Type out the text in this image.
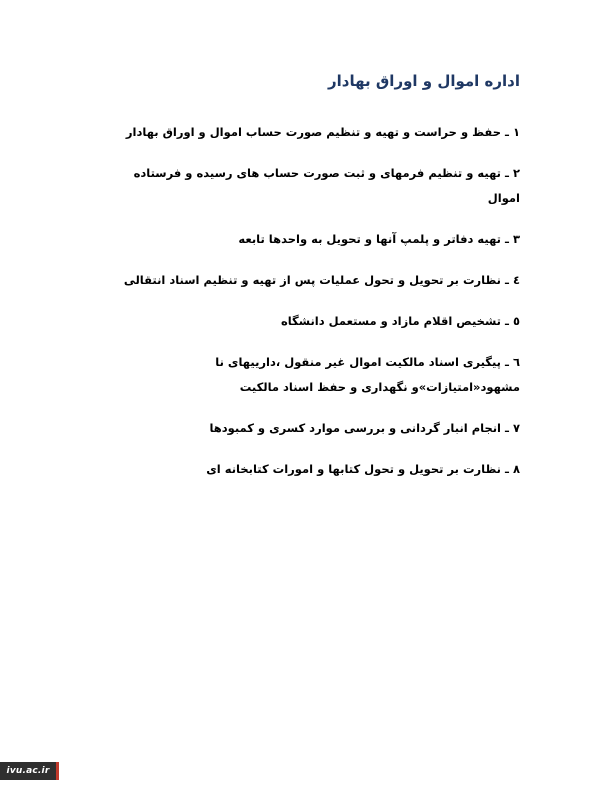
اداره اموال و اوراق بهادار
۱ ـ حفظ و حراست و تهیه و تنظیم صورت حساب اموال و اوراق بهادار
۲ ـ تهیه و تنظیم فرمهای و ثبت صورت حساب های رسیده و فرستاده اموال
۳ ـ تهیه دفاتر و پلمپ آنها و تحویل به واحدها تابعه
٤ ـ نظارت بر تحویل و تحول عملیات پس از تهیه و تنظیم اسناد انتقالی
٥ ـ تشخیص اقلام مازاد و مستعمل دانشگاه
٦ ـ پیگیری اسناد مالکیت اموال غیر منقول ،دارییهای نا مشهود«امتیازات»و نگهداری و حفظ اسناد مالکیت
۷ ـ انجام انبار گردانی و بررسی موارد کسری و کمبودها
۸ ـ نظارت بر تحویل و تحول کتابها و امورات کتابخانه ای
ivu.ac.ir
